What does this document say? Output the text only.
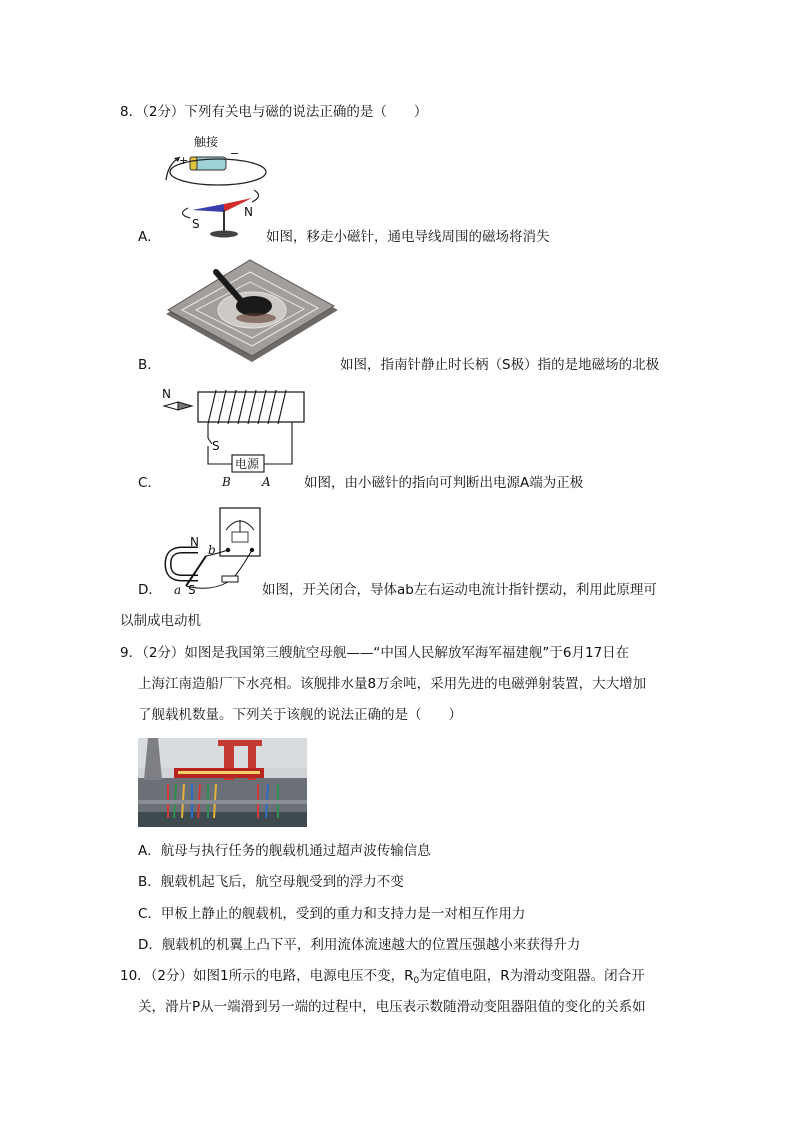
8．（2分）下列有关电与磁的说法正确的是（　　）
触接
+
−
S
N
A．	如图，移走小磁针，通电导线周围的磁场将消失
B．	如图，指南针静止时长柄（S极）指的是地磁场的北极
N
S
电源
B	A
C．	如图，由小磁针的指向可判断出电源A端为正极
N
b
a S
D．	如图，开关闭合，导体ab左右运动电流计指针摆动，利用此原理可
以制成电动机
9．（2分）如图是我国第三艘航空母舰——“中国人民解放军海军福建舰”于6月17日在
上海江南造船厂下水亮相。该舰排水量8万余吨，采用先进的电磁弹射装置，大大增加
了舰载机数量。下列关于该舰的说法正确的是（　　）
A．航母与执行任务的舰载机通过超声波传输信息
B．舰载机起飞后，航空母舰受到的浮力不变
C．甲板上静止的舰载机，受到的重力和支持力是一对相互作用力
D．舰载机的机翼上凸下平，利用流体流速越大的位置压强越小来获得升力
10．（2分）如图1所示的电路，电源电压不变，$R_0$为定值电阻，R为滑动变阻器。闭合开
关，滑片P从一端滑到另一端的过程中，电压表示数随滑动变阻器阻值的变化的关系如
